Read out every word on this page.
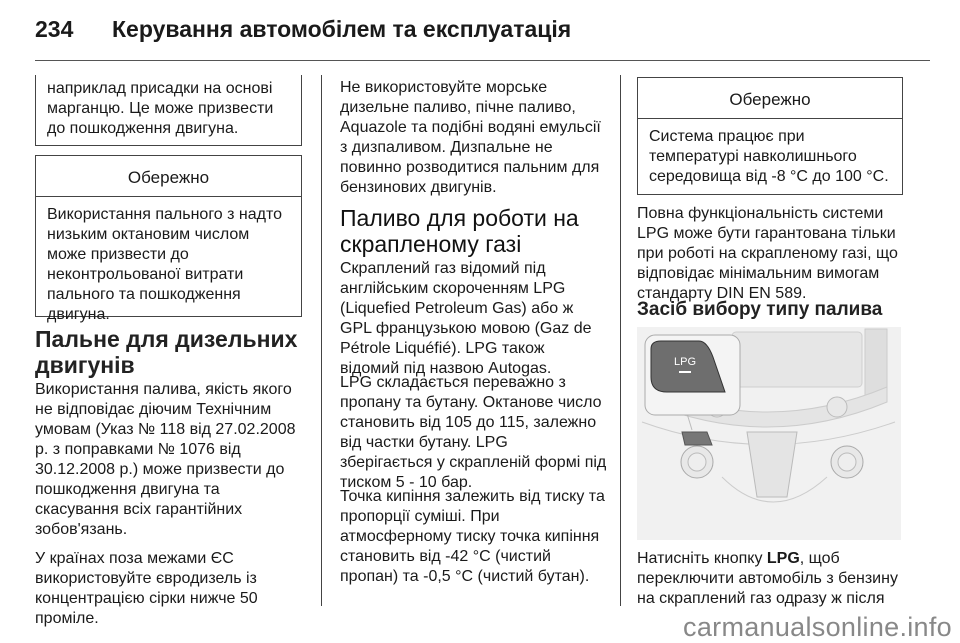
234 Керування автомобілем та експлуатація
наприклад присадки на основі
марганцю. Це може призвести
до пошкодження двигуна.
Обережно
Використання пального з надто
низьким октановим числом
може призвести до
неконтрольованої витрати
пального та пошкодження
двигуна.
Пальне для дизельних
двигунів
Використання палива, якість якого
не відповідає діючим Технічним
умовам (Указ № 118 від 27.02.2008
р. з поправками № 1076 від
30.12.2008 р.) може призвести до
пошкодження двигуна та
скасування всіх гарантійних
зобов'язань.
У країнах поза межами ЄС
використовуйте євродизель із
концентрацією сірки нижче 50
проміле.
Не використовуйте морське
дизельне паливо, пічне паливо,
Aquazole та подібні водяні емульсії
з дизпаливом. Дизпальне не
повинно розводитися пальним для
бензинових двигунів.
Паливо для роботи на
скрапленому газі
Скраплений газ відомий під
англійським скороченням LPG
(Liquefied Petroleum Gas) або ж
GPL французькою мовою (Gaz de
Pétrole Liquéfié). LPG також
відомий під назвою Autogas.
LPG складається переважно з
пропану та бутану. Октанове число
становить від 105 до 115, залежно
від частки бутану. LPG
зберігається у скрапленій формі під
тиском 5 - 10 бар.
Точка кипіння залежить від тиску та
пропорції суміші. При
атмосферному тиску точка кипіння
становить від -42 °C (чистий
пропан) та -0,5 °C (чистий бутан).
Обережно
Система працює при
температурі навколишнього
середовища від -8 °C до 100 °C.
Повна функціональність системи
LPG може бути гарантована тільки
при роботі на скрапленому газі, що
відповідає мінімальним вимогам
стандарту DIN EN 589.
Засіб вибору типу палива
LPG
Натисніть кнопку LPG, щоб
переключити автомобіль з бензину
на скраплений газ одразу ж після
carmanualsonline.info
